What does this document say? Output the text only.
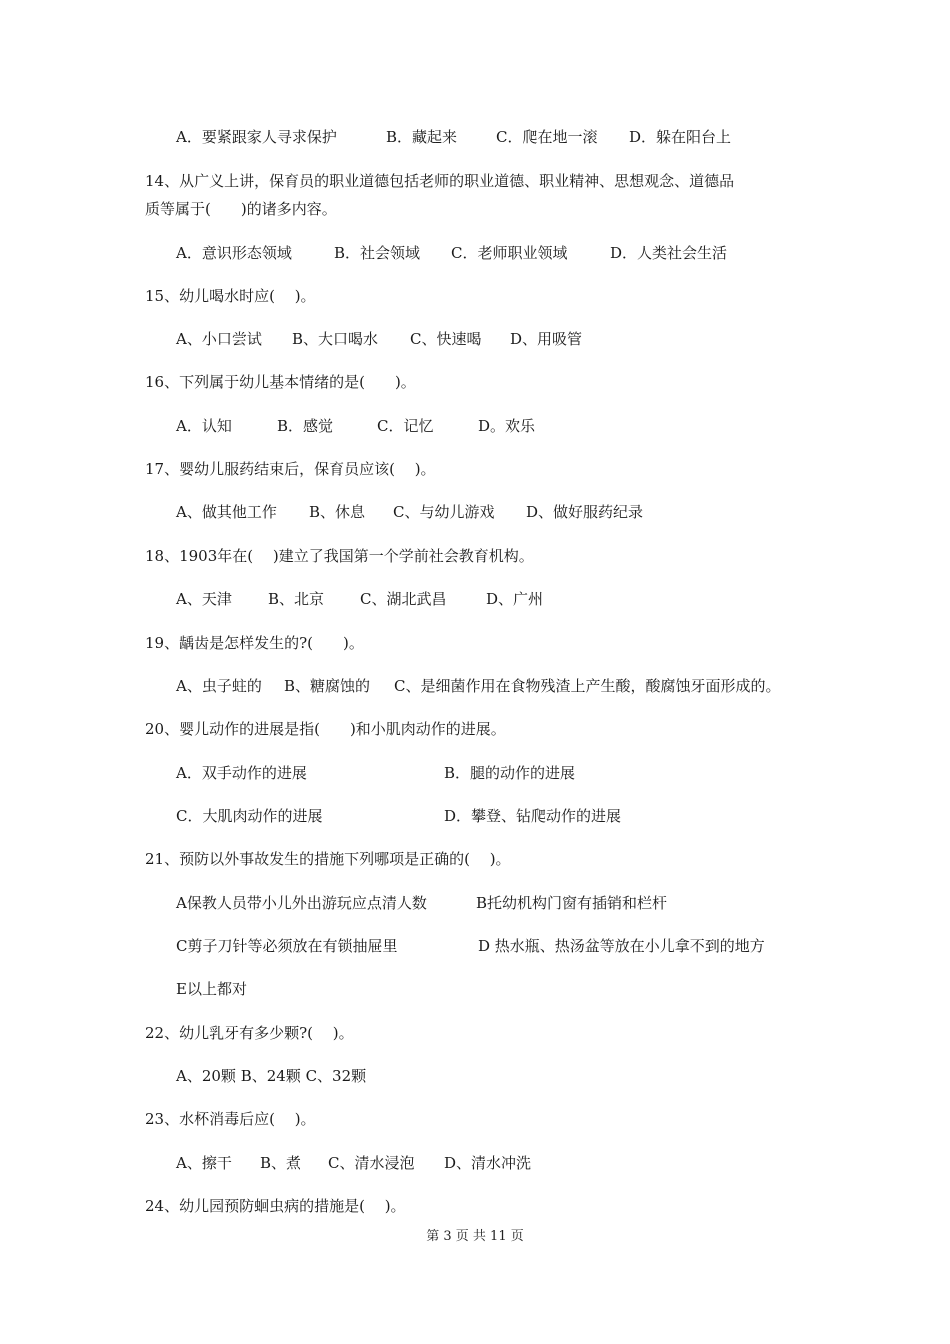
A．要紧跟家人寻求保护	B．藏起来	C．爬在地一滚 D．躲在阳台上
14、从广义上讲，保育员的职业道德包括老师的职业道德、职业精神、思想观念、道德品
质等属于(　　)的诸多内容。
A．意识形态领域	B．社会领域 C．老师职业领域	D．人类社会生活
15、幼儿喝水时应(　 )。
A、小口尝试 B、大口喝水 C、快速喝 D、用吸管
16、下列属于幼儿基本情绪的是(　　)。
A．认知	B．感觉	C．记忆	D。欢乐
17、婴幼儿服药结束后，保育员应该(　 )。
A、做其他工作 B、休息 C、与幼儿游戏 D、做好服药纪录
18、1903年在(　 )建立了我国第一个学前社会教育机构。
A、天津 B、北京 C、湖北武昌	D、广州
19、龋齿是怎样发生的?(　　)。
A、虫子蛀的 B、糖腐蚀的 C、是细菌作用在食物残渣上产生酸，酸腐蚀牙面形成的。
20、婴儿动作的进展是指(　　)和小肌肉动作的进展。
A．双手动作的进展	B．腿的动作的进展
C．大肌肉动作的进展	D．攀登、钻爬动作的进展
21、预防以外事故发生的措施下列哪项是正确的(　 )。
A保教人员带小儿外出游玩应点清人数	B托幼机构门窗有插销和栏杆
C剪子刀针等必须放在有锁抽屉里	D 热水瓶、热汤盆等放在小儿拿不到的地方
E以上都对
22、幼儿乳牙有多少颗?(　 )。
A、20颗 B、24颗 C、32颗
23、水杯消毒后应(　 )。
A、擦干 B、煮 C、清水浸泡 D、清水冲洗
24、幼儿园预防蛔虫病的措施是(　 )。
第 3 页 共 11 页
